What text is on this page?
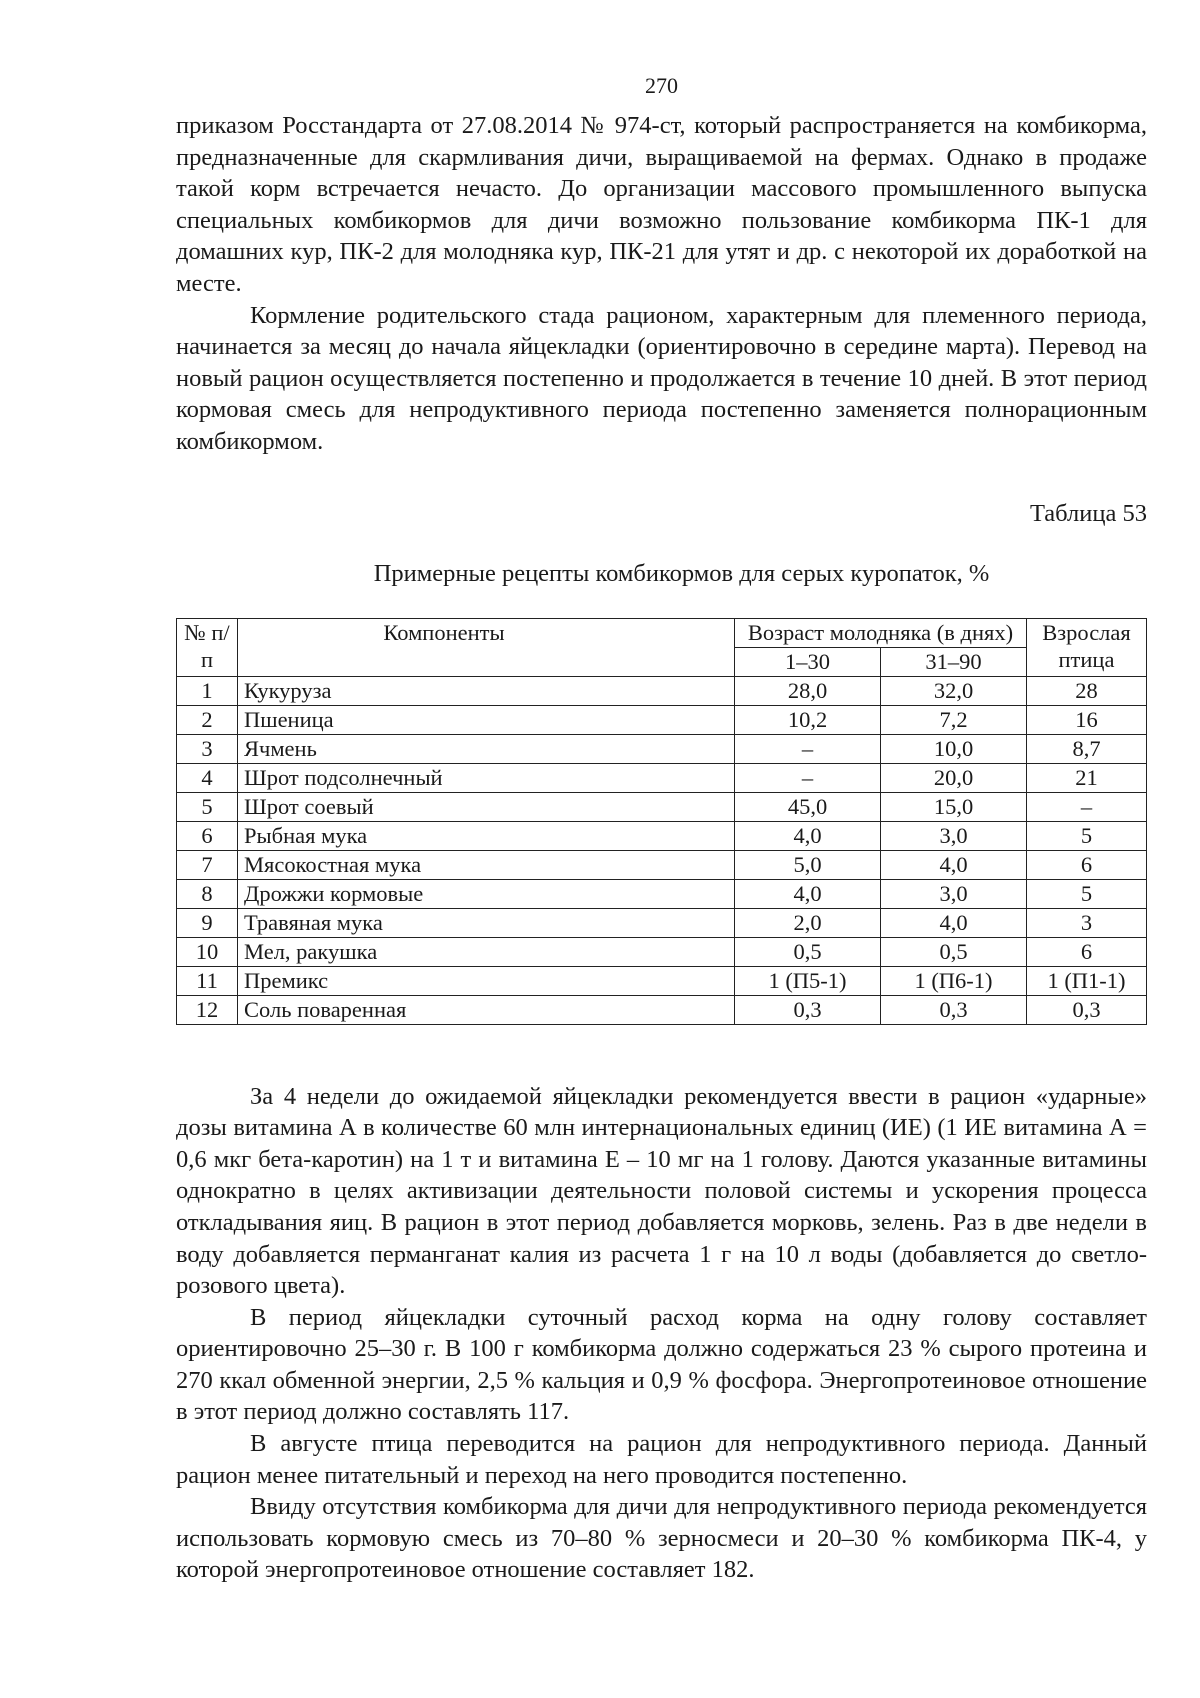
270

приказом Росстандарта от 27.08.2014 № 974-ст, который распространяется на комбикорма, предназначенные для скармливания дичи, выращиваемой на фермах. Однако в продаже такой корм встречается нечасто. До организации массового промышленного выпуска специальных комбикормов для дичи возможно пользование комбикорма ПК-1 для домашних кур, ПК-2 для молодняка кур, ПК-21 для утят и др. с некоторой их доработкой на месте.

Кормление родительского стада рационом, характерным для племенного периода, начинается за месяц до начала яйцекладки (ориентировочно в середине марта). Перевод на новый рацион осуществляется постепенно и продолжается в течение 10 дней. В этот период кормовая смесь для непродуктивного периода постепенно заменяется полнорационным комбикормом.

Таблица 53
Примерные рецепты комбикормов для серых куропаток, %
№ п/п	Компоненты	Возраст молодняка (в днях)		Взрослая птица
		1–30	31–90	
1	Кукуруза	28,0	32,0	28
2	Пшеница	10,2	7,2	16
3	Ячмень	–	10,0	8,7
4	Шрот подсолнечный	–	20,0	21
5	Шрот соевый	45,0	15,0	–
6	Рыбная мука	4,0	3,0	5
7	Мясокостная мука	5,0	4,0	6
8	Дрожжи кормовые	4,0	3,0	5
9	Травяная мука	2,0	4,0	3
10	Мел, ракушка	0,5	0,5	6
11	Премикс	1 (П5-1)	1 (П6-1)	1 (П1-1)
12	Соль поваренная	0,3	0,3	0,3

За 4 недели до ожидаемой яйцекладки рекомендуется ввести в рацион «ударные» дозы витамина А в количестве 60 млн интернациональных единиц (ИЕ) (1 ИЕ витамина А = 0,6 мкг бета-каротин) на 1 т и витамина Е – 10 мг на 1 голову. Даются указанные витамины однократно в целях активизации деятельности половой системы и ускорения процесса откладывания яиц. В рацион в этот период добавляется морковь, зелень. Раз в две недели в воду добавляется перманганат калия из расчета 1 г на 10 л воды (добавляется до светло-розового цвета).

В период яйцекладки суточный расход корма на одну голову составляет ориентировочно 25–30 г. В 100 г комбикорма должно содержаться 23 % сырого протеина и 270 ккал обменной энергии, 2,5 % кальция и 0,9 % фосфора. Энергопротеиновое отношение в этот период должно составлять 117.

В августе птица переводится на рацион для непродуктивного периода. Данный рацион менее питательный и переход на него проводится постепенно.

Ввиду отсутствия комбикорма для дичи для непродуктивного периода рекомендуется использовать кормовую смесь из 70–80 % зерносмеси и 20–30 % комбикорма ПК-4, у которой энергопротеиновое отношение составляет 182.
